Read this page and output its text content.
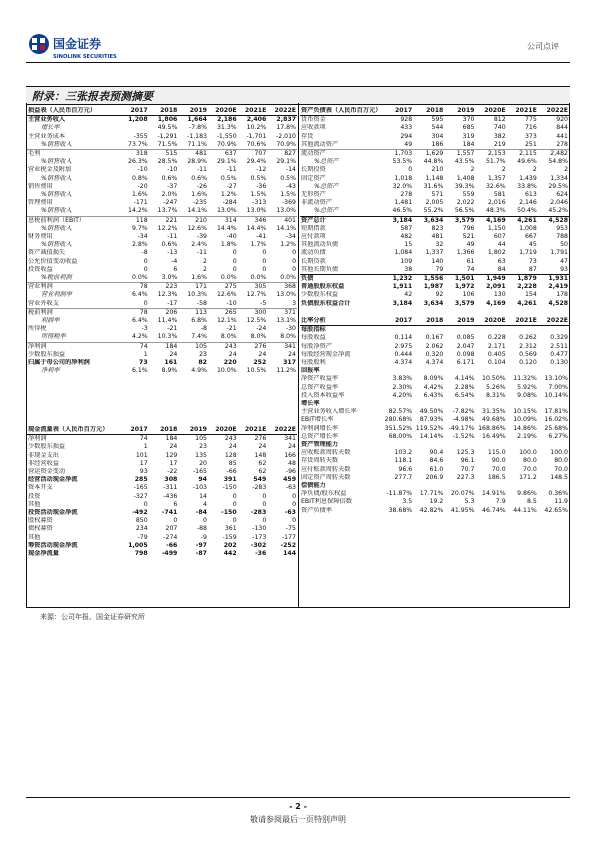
国金证券
SINOLINK SECURITIES
公司点评
附录：三张报表预测摘要
损益表（人民币百万元）	2017	2018	2019	2020E	2021E	2022E
主营业务收入	1,208	1,806	1,664	2,186	2,406	2,837
增长率		49.5%	-7.8%	31.3%	10.2%	17.8%
主营业务成本	-355	-1,291	-1,183	-1,550	-1,701	-2,010
%销售收入	73.7%	71.5%	71.1%	70.9%	70.6%	70.9%
毛利	318	515	481	637	707	827
%销售收入	26.3%	28.5%	28.9%	29.1%	29.4%	29.1%
营业税金及附加	-10	-10	-11	-11	-12	-14
%销售收入	0.8%	0.6%	0.6%	0.5%	0.5%	0.5%
销售费用	-20	-37	-26	-27	-36	-43
%销售收入	1.6%	2.0%	1.6%	1.2%	1.5%	1.5%
管理费用	-171	-247	-235	-284	-313	-369
%销售收入	14.2%	13.7%	14.1%	13.0%	13.0%	13.0%
息税前利润（EBIT）	118	221	210	314	346	401
%销售收入	9.7%	12.2%	12.6%	14.4%	14.4%	14.1%
财务费用	-34	-11	-39	-40	-41	-34
%销售收入	2.8%	0.6%	2.4%	1.8%	1.7%	1.2%
资产减值损失	-8	-13	-11	0	0	0
公允价值变动收益	0	-4	2	0	0	0
投资收益	0	6	2	0	0	0
%税前利润	0.0%	3.0%	1.6%	0.0%	0.0%	0.0%
营业利润	78	223	171	275	305	368
营业利润率	6.4%	12.3%	10.3%	12.6%	12.7%	13.0%
营业外收支	0	-17	-58	-10	-5	3
税前利润	78	206	113	265	300	371
利润率	6.4%	11.4%	6.8%	12.1%	12.5%	13.1%
所得税	-3	-21	-8	-21	-24	-30
所得税率	4.2%	10.3%	7.4%	8.0%	8.0%	8.0%
净利润	74	184	105	243	276	341
少数股东损益	1	24	23	24	24	24
归属于母公司的净利润	73	161	82	220	252	317
净利率	6.1%	8.9%	4.9%	10.0%	10.5%	11.2%
现金流量表（人民币百万元）	2017	2018	2019	2020E	2021E	2022E
净利润	74	184	105	243	276	341
少数股东损益	1	24	23	24	24	24
非现金支出	101	129	135	128	148	166
非经营收益	17	17	20	85	62	48
营运资金变动	93	-22	-165	-66	62	-96
经营活动现金净流	285	308	94	391	549	459
资本开支	-165	-311	-103	-150	-283	-63
投资	-327	-436	14	0	0	0
其他	0	6	4	0	0	0
投资活动现金净流	-492	-741	-84	-150	-283	-63
股权募资	850	0	0	0	0	0
债权募资	234	207	-88	361	-130	-75
其他	-79	-274	-9	-159	-173	-177
筹资活动现金净流	1,005	-66	-97	202	-302	-252
现金净流量	798	-499	-87	442	-36	144
资产负债表（人民币百万元）	2017	2018	2019	2020E	2021E	2022E
货币资金	928	595	370	812	775	920
应收款项	433	544	685	740	716	844
存货	294	304	319	382	373	441
其他流动资产	49	186	184	219	251	278
流动资产	1,703	1,629	1,557	2,153	2,115	2,482
%总资产	53.5%	44.8%	43.5%	51.7%	49.6%	54.8%
长期投资	0	210	2	2	2	2
固定资产	1,018	1,148	1,408	1,357	1,439	1,334
%总资产	32.0%	31.6%	39.3%	32.6%	33.8%	29.5%
无形资产	278	571	559	581	613	624
非流动资产	1,481	2,005	2,022	2,016	2,146	2,046
%总资产	46.5%	55.2%	56.5%	48.3%	50.4%	45.2%
资产总计	3,184	3,634	3,579	4,169	4,261	4,528
短期借款	587	823	796	1,150	1,008	953
应付款项	482	481	521	607	667	788
其他流动负债	15	32	49	44	45	50
流动负债	1,084	1,337	1,366	1,802	1,719	1,791
长期贷款	109	140	61	63	73	47
其他长期负债	38	79	74	84	87	93
负债	1,232	1,556	1,501	1,949	1,879	1,931
普通股股东权益	1,911	1,987	1,972	2,091	2,228	2,419
少数股东权益	42	92	106	130	154	178
负债股东权益合计	3,184	3,634	3,579	4,169	4,261	4,528
比率分析	2017	2018	2019	2020E	2021E	2022E
每股指标						
每股收益	0.114	0.167	0.085	0.228	0.262	0.329
每股净资产	2.975	2.062	2.047	2.171	2.312	2.511
每股经营现金净流	0.444	0.320	0.098	0.405	0.569	0.477
每股股利	4.374	4.374	6.171	0.104	0.120	0.130
回报率						
净资产收益率	3.83%	8.09%	4.14%	10.50%	11.32%	13.10%
总资产收益率	2.30%	4.42%	2.28%	5.26%	5.92%	7.00%
投入资本收益率	4.20%	6.43%	6.54%	8.31%	9.08%	10.14%
增长率						
主营业务收入增长率	82.57%	49.50%	-7.82%	31.35%	10.15%	17.81%
EBIT增长率	280.68%	87.93%	-4.98%	49.68%	10.09%	16.02%
净利润增长率	351.52%	119.52%	-49.17%	168.86%	14.86%	25.68%
总资产增长率	68.00%	14.14%	-1.52%	16.49%	2.19%	6.27%
资产管理能力						
应收账款周转天数	103.2	90.4	125.3	115.0	100.0	100.0
存货周转天数	118.1	84.6	96.1	90.0	80.0	80.0
应付账款周转天数	96.6	61.0	70.7	70.0	70.0	70.0
固定资产周转天数	277.7	206.9	227.3	186.5	171.2	148.5
偿债能力						
净负债/股东权益	-11.87%	17.71%	20.07%	14.91%	9.86%	0.36%
EBIT利息保障倍数	3.5	19.2	5.3	7.9	8.5	11.9
资产负债率	38.68%	42.82%	41.95%	46.74%	44.11%	42.65%
来源：公司年报、国金证券研究所
- 2 -
敬请参阅最后一页特别声明
